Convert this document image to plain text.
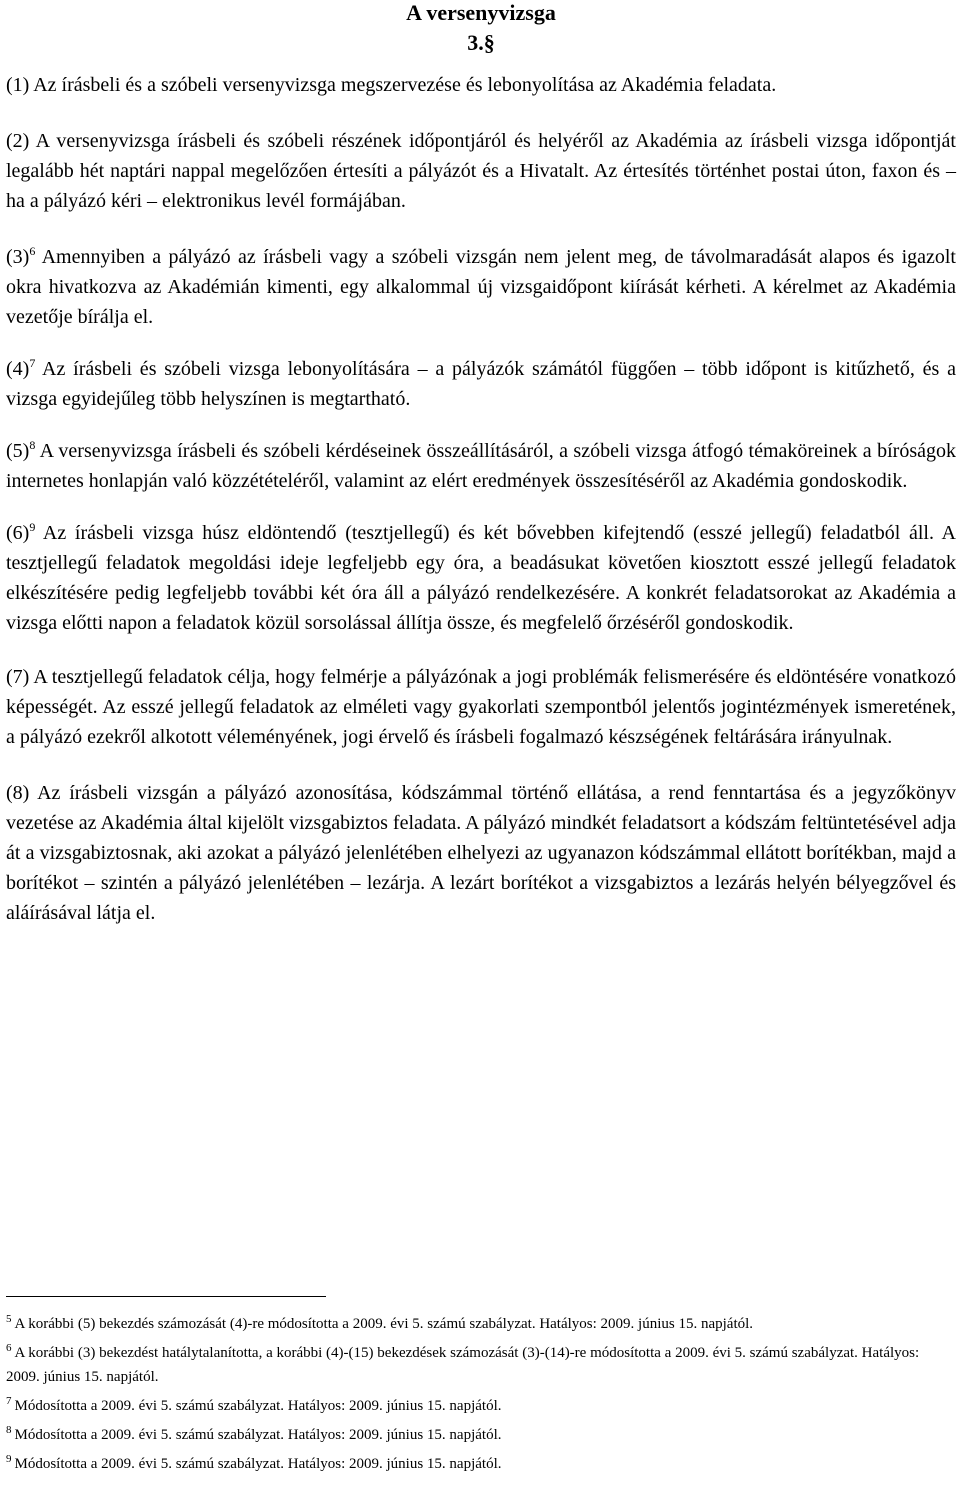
A versenyvizsga

3.§

(1) Az írásbeli és a szóbeli versenyvizsga megszervezése és lebonyolítása az Akadémia feladata.

(2) A versenyvizsga írásbeli és szóbeli részének időpontjáról és helyéről az Akadémia az írásbeli vizsga időpontját legalább hét naptári nappal megelőzően értesíti a pályázót és a Hivatalt. Az értesítés történhet postai úton, faxon és – ha a pályázó kéri – elektronikus levél formájában.

(3)$^6$ Amennyiben a pályázó az írásbeli vagy a szóbeli vizsgán nem jelent meg, de távolmaradását alapos és igazolt okra hivatkozva az Akadémián kimenti, egy alkalommal új vizsgaidőpont kiírását kérheti. A kérelmet az Akadémia vezetője bírálja el.

(4)$^7$ Az írásbeli és szóbeli vizsga lebonyolítására – a pályázók számától függően – több időpont is kitűzhető, és a vizsga egyidejűleg több helyszínen is megtartható.

(5)$^8$ A versenyvizsga írásbeli és szóbeli kérdéseinek összeállításáról, a szóbeli vizsga átfogó témaköreinek a bíróságok internetes honlapján való közzétételéről, valamint az elért eredmények összesítéséről az Akadémia gondoskodik.

(6)$^9$ Az írásbeli vizsga húsz eldöntendő (tesztjellegű) és két bővebben kifejtendő (esszé jellegű) feladatból áll. A tesztjellegű feladatok megoldási ideje legfeljebb egy óra, a beadásukat követően kiosztott esszé jellegű feladatok elkészítésére pedig legfeljebb további két óra áll a pályázó rendelkezésére. A konkrét feladatsorokat az Akadémia a vizsga előtti napon a feladatok közül sorsolással állítja össze, és megfelelő őrzéséről gondoskodik.

(7) A tesztjellegű feladatok célja, hogy felmérje a pályázónak a jogi problémák felismerésére és eldöntésére vonatkozó képességét. Az esszé jellegű feladatok az elméleti vagy gyakorlati szempontból jelentős jogintézmények ismeretének, a pályázó ezekről alkotott véleményének, jogi érvelő és írásbeli fogalmazó készségének feltárására irányulnak.

(8) Az írásbeli vizsgán a pályázó azonosítása, kódszámmal történő ellátása, a rend fenntartása és a jegyzőkönyv vezetése az Akadémia által kijelölt vizsgabiztos feladata. A pályázó mindkét feladatsort a kódszám feltüntetésével adja át a vizsgabiztosnak, aki azokat a pályázó jelenlétében elhelyezi az ugyanazon kódszámmal ellátott borítékban, majd a borítékot – szintén a pályázó jelenlétében – lezárja. A lezárt borítékot a vizsgabiztos a lezárás helyén bélyegzővel és aláírásával látja el.

$^5$ A korábbi (5) bekezdés számozását (4)-re módosította a 2009. évi 5. számú szabályzat. Hatályos: 2009. június 15. napjától.

$^6$ A korábbi (3) bekezdést hatálytalanította, a korábbi (4)-(15) bekezdések számozását (3)-(14)-re módosította a 2009. évi 5. számú szabályzat. Hatályos: 2009. június 15. napjától.

$^7$ Módosította a 2009. évi 5. számú szabályzat. Hatályos: 2009. június 15. napjától.

$^8$ Módosította a 2009. évi 5. számú szabályzat. Hatályos: 2009. június 15. napjától.

$^9$ Módosította a 2009. évi 5. számú szabályzat. Hatályos: 2009. június 15. napjától.
